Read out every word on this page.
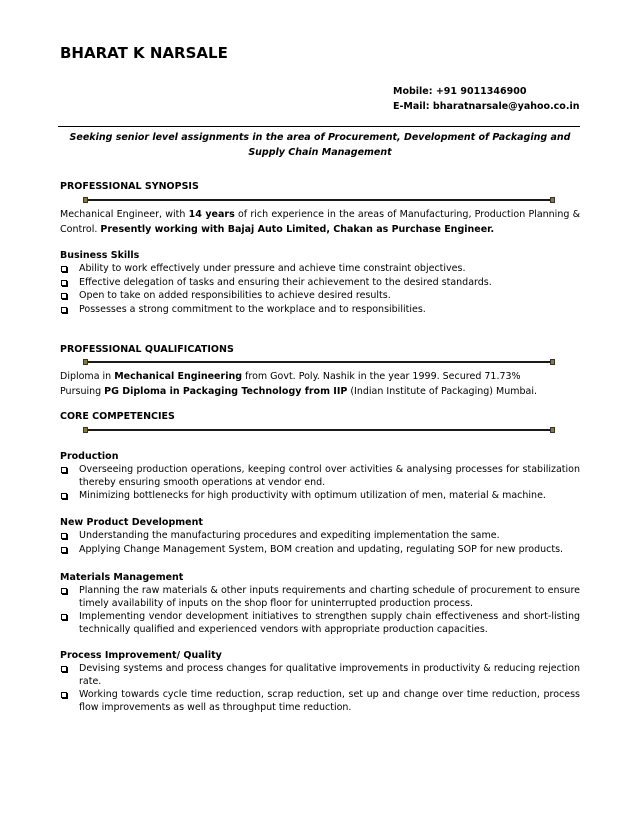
BHARAT K NARSALE
Mobile: +91 9011346900
E-Mail: bharatnarsale@yahoo.co.in
Seeking senior level assignments in the area of Procurement, Development of Packaging and Supply Chain Management
PROFESSIONAL SYNOPSIS
Mechanical Engineer, with 14 years of rich experience in the areas of Manufacturing, Production Planning & Control. Presently working with Bajaj Auto Limited, Chakan as Purchase Engineer.
Business Skills
Ability to work effectively under pressure and achieve time constraint objectives.
Effective delegation of tasks and ensuring their achievement to the desired standards.
Open to take on added responsibilities to achieve desired results.
Possesses a strong commitment to the workplace and to responsibilities.
PROFESSIONAL QUALIFICATIONS
Diploma in Mechanical Engineering from Govt. Poly. Nashik in the year 1999. Secured 71.73%
Pursuing PG Diploma in Packaging Technology from IIP (Indian Institute of Packaging) Mumbai.
CORE COMPETENCIES
Production
Overseeing production operations, keeping control over activities & analysing processes for stabilization thereby ensuring smooth operations at vendor end.
Minimizing bottlenecks for high productivity with optimum utilization of men, material & machine.
New Product Development
Understanding the manufacturing procedures and expediting implementation the same.
Applying Change Management System, BOM creation and updating, regulating SOP for new products.
Materials Management
Planning the raw materials & other inputs requirements and charting schedule of procurement to ensure timely availability of inputs on the shop floor for uninterrupted production process.
Implementing vendor development initiatives to strengthen supply chain effectiveness and short-listing technically qualified and experienced vendors with appropriate production capacities.
Process Improvement/ Quality
Devising systems and process changes for qualitative improvements in productivity & reducing rejection rate.
Working towards cycle time reduction, scrap reduction, set up and change over time reduction, process flow improvements as well as throughput time reduction.
